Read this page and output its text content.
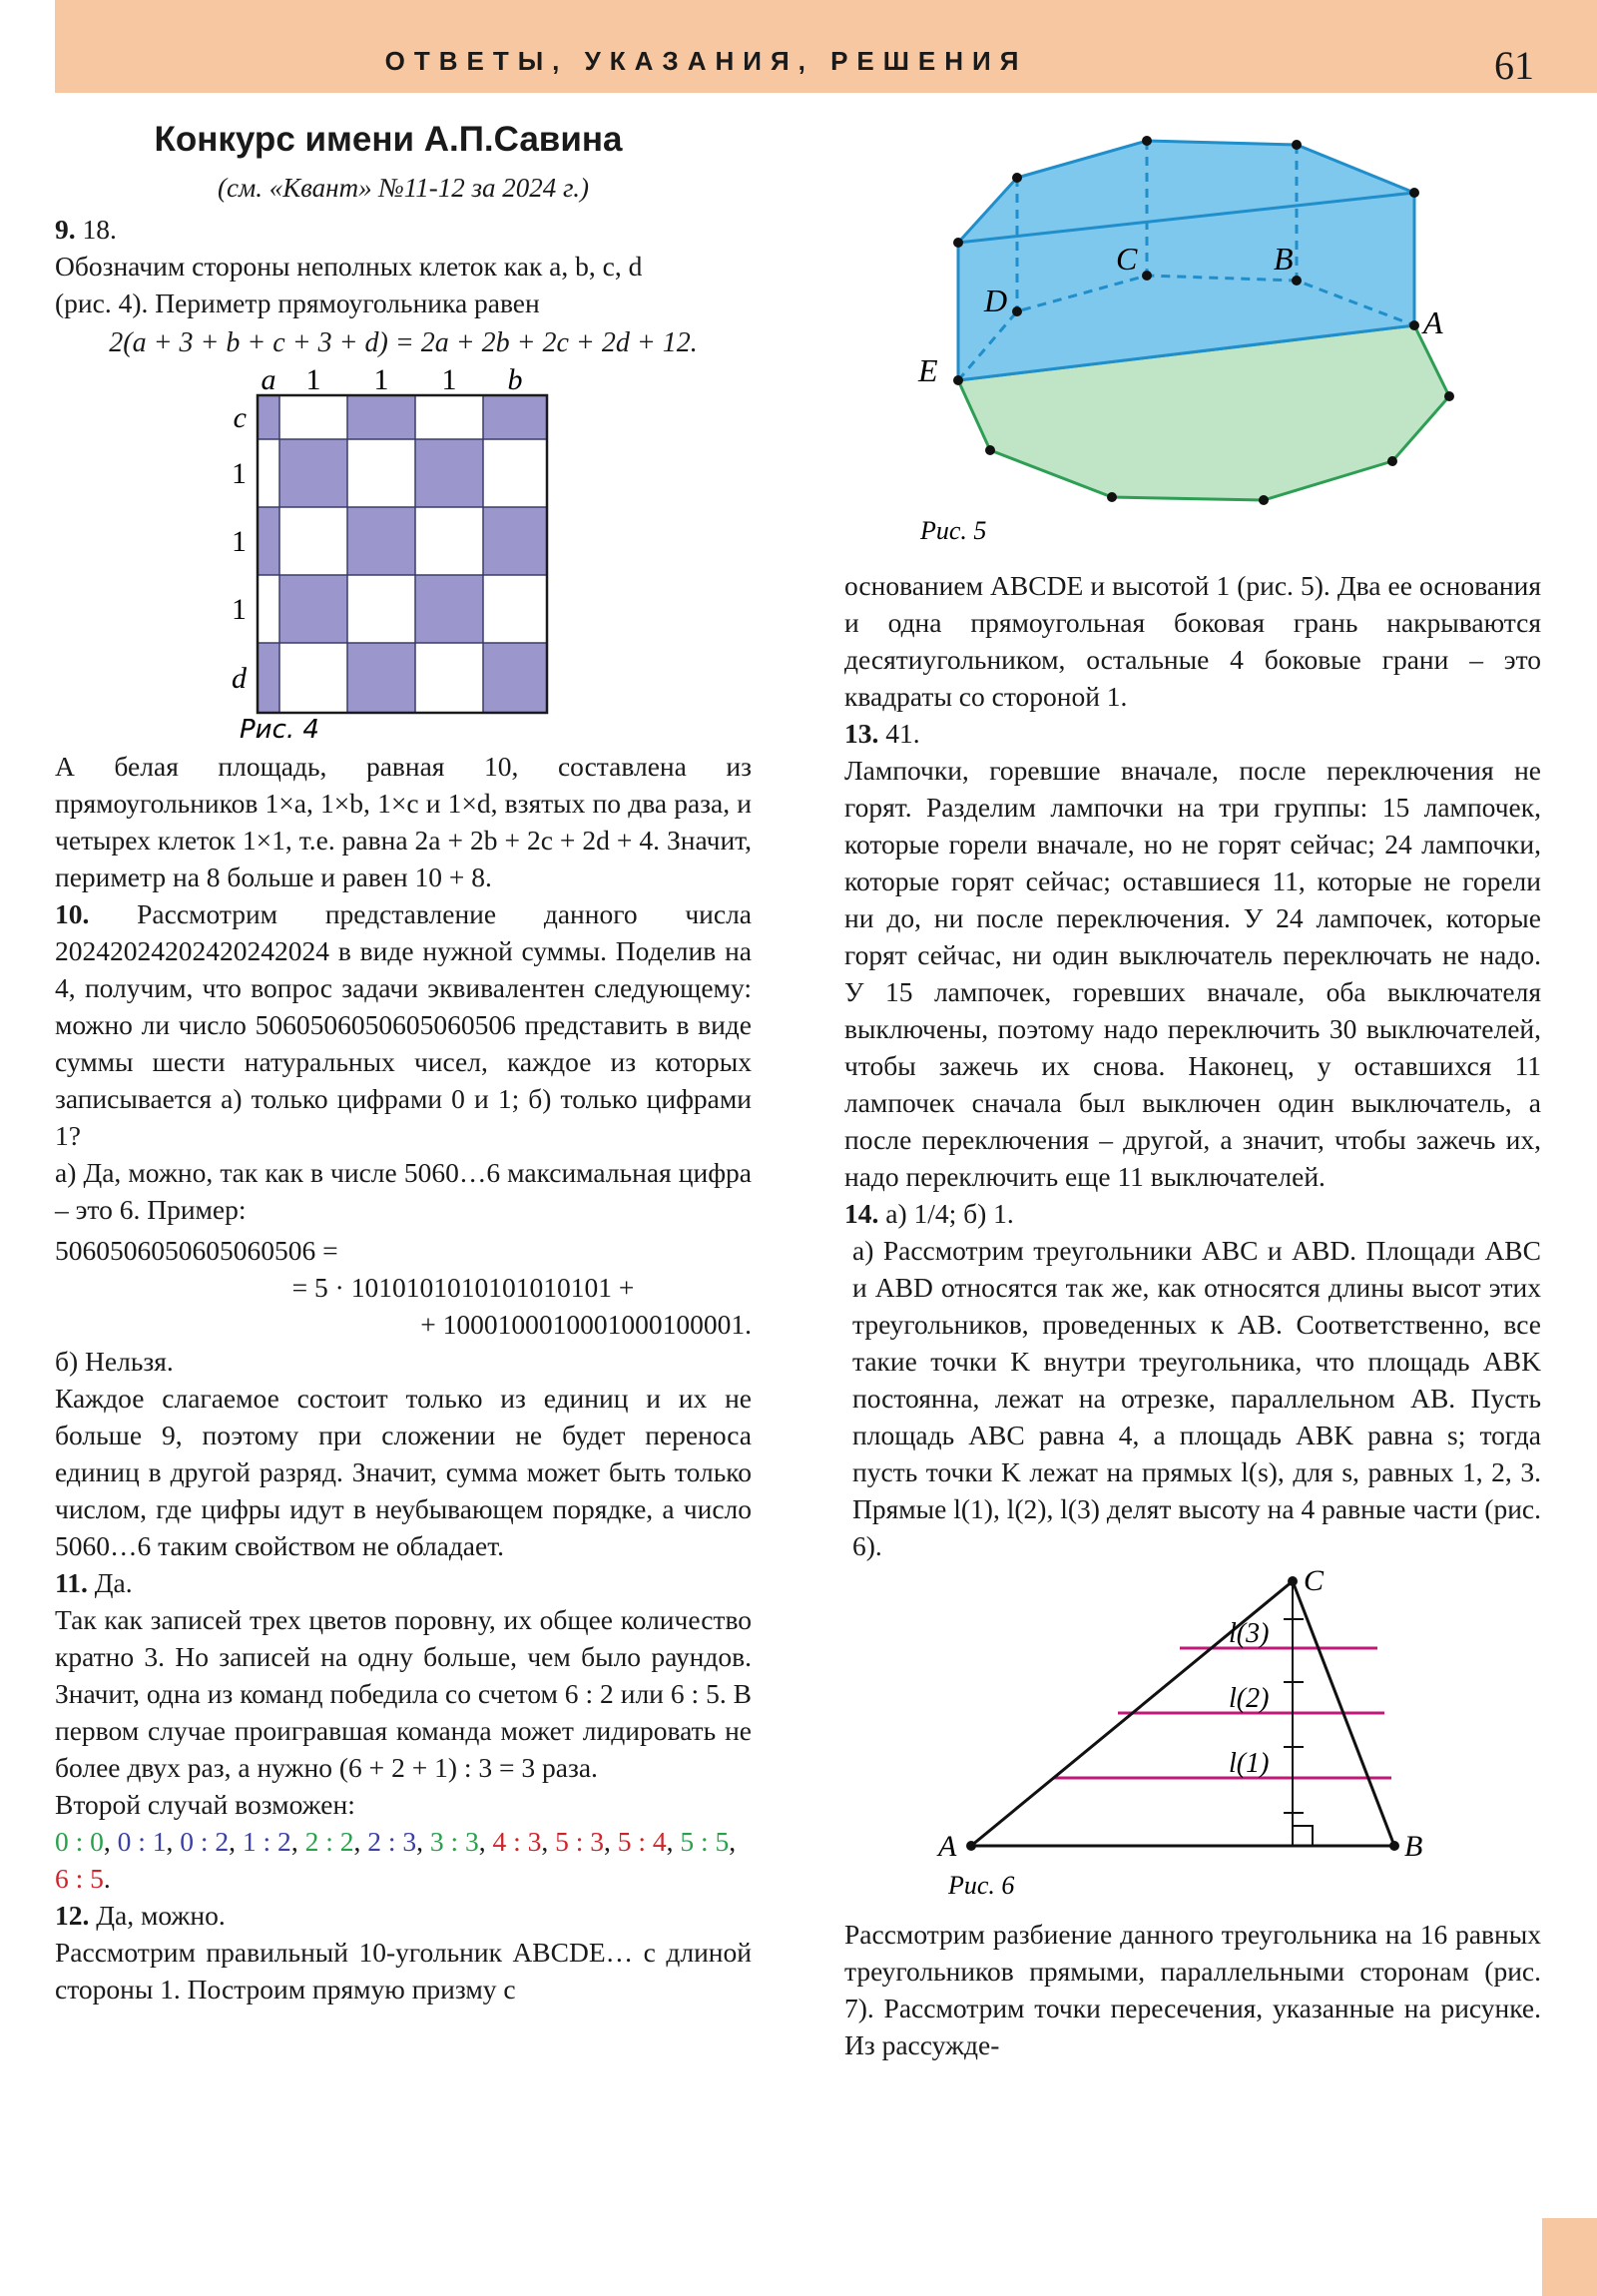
ОТВЕТЫ, УКАЗАНИЯ, РЕШЕНИЯ	61
Конкурс имени А.П.Савина
(см. «Квант» №11-12 за 2024 г.)
9. 18.
Обозначим стороны неполных клеток как a, b, c, d
(рис. 4). Периметр прямоугольника равен
2(a + 3 + b + c + 3 + d) = 2a + 2b + 2c + 2d + 12.
a 1 1 1 b
c
1
1
1
d
Рис. 4
А белая площадь, равная 10, составлена из прямоугольников 1×a, 1×b, 1×c и 1×d, взятых по два раза, и четырех клеток 1×1, т.е. равна 2a + 2b + 2c + 2d + 4. Значит, периметр на 8 больше и равен 10 + 8.
10. Рассмотрим представление данного числа 20242024202420242024 в виде нужной суммы. Поделив на 4, получим, что вопрос задачи эквивалентен следующему: можно ли число 5060506050605060506 представить в виде суммы шести натуральных чисел, каждое из которых записывается а) только цифрами 0 и 1; б) только цифрами 1?
а) Да, можно, так как в числе 5060…6 максимальная цифра – это 6. Пример:
5060506050605060506 =
= 5 · 1010101010101010101 +
+ 1000100010001000100001.
б) Нельзя.
Каждое слагаемое состоит только из единиц и их не больше 9, поэтому при сложении не будет переноса единиц в другой разряд. Значит, сумма может быть только числом, где цифры идут в неубывающем порядке, а число 5060…6 таким свойством не обладает.
11. Да.
Так как записей трех цветов поровну, их общее количество кратно 3. Но записей на одну больше, чем было раундов. Значит, одна из команд победила со счетом 6 : 2 или 6 : 5. В первом случае проигравшая команда может лидировать не более двух раз, а нужно (6 + 2 + 1) : 3 = 3 раза.
Второй случай возможен:
0 : 0, 0 : 1, 0 : 2, 1 : 2, 2 : 2, 2 : 3, 3 : 3, 4 : 3, 5 : 3, 5 : 4, 5 : 5, 6 : 5.
12. Да, можно.
Рассмотрим правильный 10-угольник ABCDE… с длиной стороны 1. Построим прямую призму с
A
B
C
D
E
Рис. 5
основанием ABCDE и высотой 1 (рис. 5). Два ее основания и одна прямоугольная боковая грань накрываются десятиугольником, остальные 4 боковые грани – это квадраты со стороной 1.
13. 41.
Лампочки, горевшие вначале, после переключения не горят. Разделим лампочки на три группы: 15 лампочек, которые горели вначале, но не горят сейчас; 24 лампочки, которые горят сейчас; оставшиеся 11, которые не горели ни до, ни после переключения. У 24 лампочек, которые горят сейчас, ни один выключатель переключать не надо. У 15 лампочек, горевших вначале, оба выключателя выключены, поэтому надо переключить 30 выключателей, чтобы зажечь их снова. Наконец, у оставшихся 11 лампочек сначала был выключен один выключатель, а после переключения – другой, а значит, чтобы зажечь их, надо переключить еще 11 выключателей.
14. а) 1/4; б) 1.
а) Рассмотрим треугольники ABC и ABD. Площади ABC и ABD относятся так же, как относятся длины высот этих треугольников, проведенных к AB. Соответственно, все такие точки K внутри треугольника, что площадь ABK постоянна, лежат на отрезке, параллельном AB. Пусть площадь ABC равна 4, а площадь ABK равна s; тогда пусть точки K лежат на прямых l(s), для s, равных 1, 2, 3. Прямые l(1), l(2), l(3) делят высоту на 4 равные части (рис. 6).
A	B
C
l(3)
l(2)
l(1)
Рис. 6
Рассмотрим разбиение данного треугольника на 16 равных треугольников прямыми, параллельными сторонам (рис. 7). Рассмотрим точки пересечения, указанные на рисунке. Из рассужде-
